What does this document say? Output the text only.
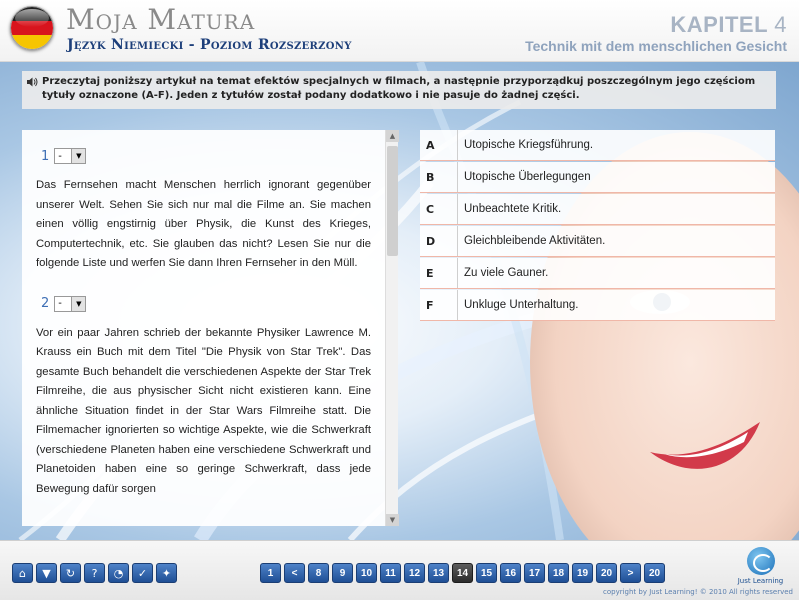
Moja Matura
Język Niemiecki - Poziom Rozszerzony
KAPITEL 4
Technik mit dem menschlichen Gesicht
Przeczytaj poniższy artykuł na temat efektów specjalnych w filmach, a następnie przyporządkuj poszczególnym jego częściom tytuły oznaczone (A-F). Jeden z tytułów został podany dodatkowo i nie pasuje do żadnej części.
1 -	▼
Das Fernsehen macht Menschen herrlich ignorant gegenüber unserer Welt. Sehen Sie sich nur mal die Filme an. Sie machen einen völlig engstirnig über Physik, die Kunst des Krieges, Computertechnik, etc. Sie glauben das nicht? Lesen Sie nur die folgende Liste und werfen Sie dann Ihren Fernseher in den Müll.
2 -	▼
Vor ein paar Jahren schrieb der bekannte Physiker Lawrence M. Krauss ein Buch mit dem Titel "Die Physik von Star Trek". Das gesamte Buch behandelt die verschiedenen Aspekte der Star Trek Filmreihe, die aus physischer Sicht nicht existieren kann. Eine ähnliche Situation findet in der Star Wars Filmreihe statt. Die Filmemacher ignorierten so wichtige Aspekte, wie die Schwerkraft (verschiedene Planeten haben eine verschiedene Schwerkraft und Planetoiden haben eine so geringe Schwerkraft, dass jede Bewegung dafür sorgen
▲
▼
A	Utopische Kriegsführung.
B	Utopische Überlegungen
C	Unbeachtete Kritik.
D	Gleichbleibende Aktivitäten.
E	Zu viele Gauner.
F	Unkluge Unterhaltung.
⌂ ▼ ↻ ? ◔ ✓ ✦	1	<	8	9	10	11	12	13	14	15	16	17	18	19	20	>	20
Just Learning
copyright by Just Learning! © 2010 All rights reserved
